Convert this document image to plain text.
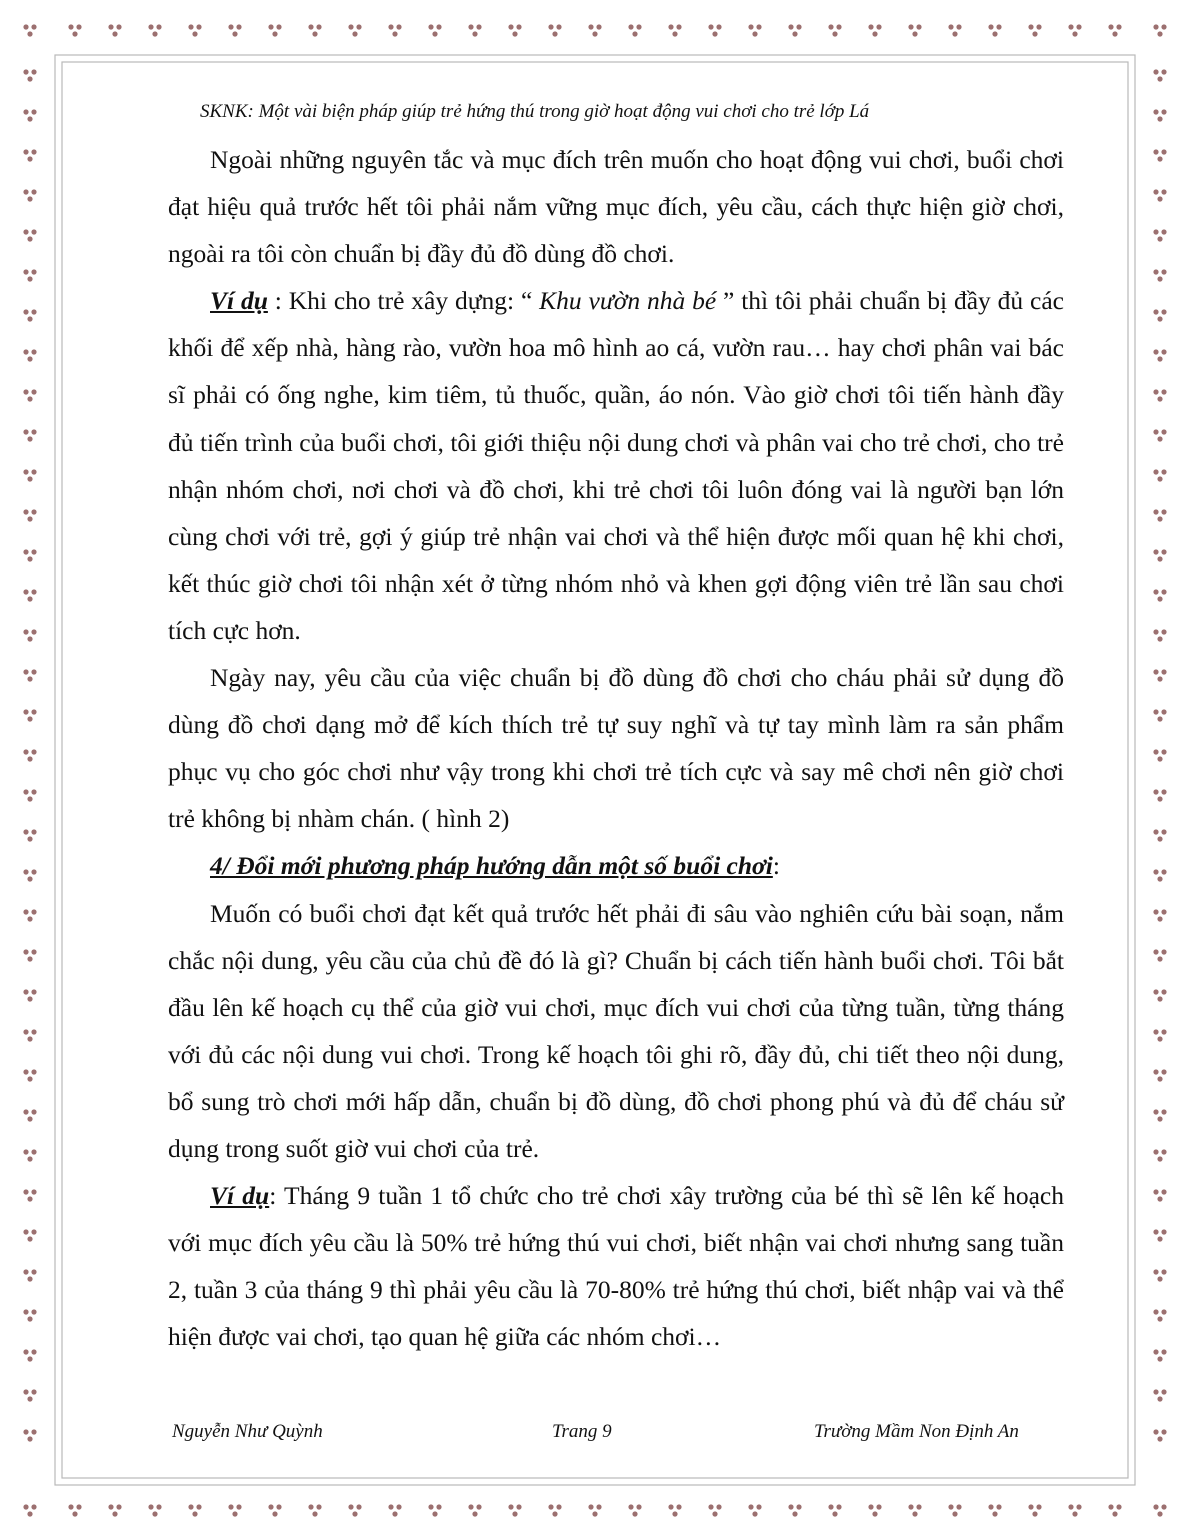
SKNK: Một vài biện pháp giúp trẻ hứng thú trong giờ hoạt động vui chơi cho trẻ lớp Lá

Ngoài những nguyên tắc và mục đích trên muốn cho hoạt động vui chơi, buổi chơi đạt hiệu quả trước hết tôi phải nắm vững mục đích, yêu cầu, cách thực hiện giờ chơi, ngoài ra tôi còn chuẩn bị đầy đủ đồ dùng đồ chơi.

Ví dụ : Khi cho trẻ xây dựng: “ Khu vườn nhà bé ” thì tôi phải chuẩn bị đầy đủ các khối để xếp nhà, hàng rào, vườn hoa mô hình ao cá, vườn rau… hay chơi phân vai bác sĩ phải có ống nghe, kim tiêm, tủ thuốc, quần, áo nón. Vào giờ chơi tôi tiến hành đầy đủ tiến trình của buổi chơi, tôi giới thiệu nội dung chơi và phân vai cho trẻ chơi, cho trẻ nhận nhóm chơi, nơi chơi và đồ chơi, khi trẻ chơi tôi luôn đóng vai là người bạn lớn cùng chơi với trẻ, gợi ý giúp trẻ nhận vai chơi và thể hiện được mối quan hệ khi chơi, kết thúc giờ chơi tôi nhận xét ở từng nhóm nhỏ và khen gợi động viên trẻ lần sau chơi tích cực hơn.

Ngày nay, yêu cầu của việc chuẩn bị đồ dùng đồ chơi cho cháu phải sử dụng đồ dùng đồ chơi dạng mở để kích thích trẻ tự suy nghĩ và tự tay mình làm ra sản phẩm phục vụ cho góc chơi như vậy trong khi chơi trẻ tích cực và say mê chơi nên giờ chơi trẻ không bị nhàm chán. ( hình 2)

4/ Đổi mới phương pháp hướng dẫn một số buổi chơi:

Muốn có buổi chơi đạt kết quả trước hết phải đi sâu vào nghiên cứu bài soạn, nắm chắc nội dung, yêu cầu của chủ đề đó là gì? Chuẩn bị cách tiến hành buổi chơi. Tôi bắt đầu lên kế hoạch cụ thể của giờ vui chơi, mục đích vui chơi của từng tuần, từng tháng với đủ các nội dung vui chơi. Trong kế hoạch tôi ghi rõ, đầy đủ, chi tiết theo nội dung, bổ sung trò chơi mới hấp dẫn, chuẩn bị đồ dùng, đồ chơi phong phú và đủ để cháu sử dụng trong suốt giờ vui chơi của trẻ.

Ví dụ: Tháng 9 tuần 1 tổ chức cho trẻ chơi xây trường của bé thì sẽ lên kế hoạch với mục đích yêu cầu là 50% trẻ hứng thú vui chơi, biết nhận vai chơi nhưng sang tuần 2, tuần 3 của tháng 9 thì phải yêu cầu là 70-80% trẻ hứng thú chơi, biết nhập vai và thể hiện được vai chơi, tạo quan hệ giữa các nhóm chơi…

Nguyễn Như Quỳnh	Trang 9	Trường Mầm Non Định An
